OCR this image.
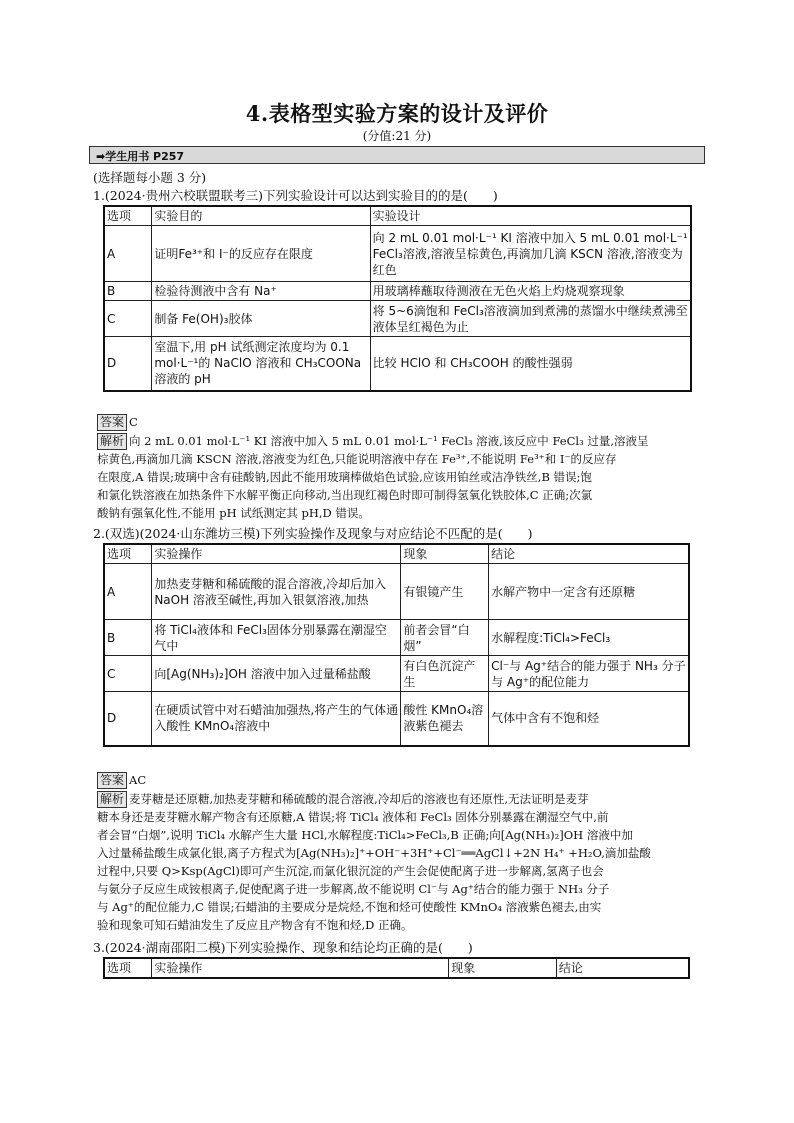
4.表格型实验方案的设计及评价
(分值:21 分)
➡学生用书 P257
(选择题每小题 3 分)
1.(2024·贵州六校联盟联考三)下列实验设计可以达到实验目的的是(　　)
选项	实验目的	实验设计
A	证明Fe³⁺和 I⁻的反应存在限度	向 2 mL 0.01 mol·L⁻¹ KI 溶液中加入 5 mL 0.01 mol·L⁻¹ FeCl₃溶液,溶液呈棕黄色,再滴加几滴 KSCN 溶液,溶液变为红色
B	检验待测液中含有 Na⁺	用玻璃棒蘸取待测液在无色火焰上灼烧观察现象
C	制备 Fe(OH)₃胶体	将 5~6滴饱和 FeCl₃溶液滴加到煮沸的蒸馏水中继续煮沸至液体呈红褐色为止
D	室温下,用 pH 试纸测定浓度均为 0.1 mol·L⁻¹的 NaClO 溶液和 CH₃COONa 溶液的 pH	比较 HClO 和 CH₃COOH 的酸性强弱
答案 C
解析 向 2 mL 0.01 mol·L⁻¹ KI 溶液中加入 5 mL 0.01 mol·L⁻¹ FeCl₃ 溶液,该反应中 FeCl₃ 过量,溶液呈
棕黄色,再滴加几滴 KSCN 溶液,溶液变为红色,只能说明溶液中存在 Fe³⁺,不能说明 Fe³⁺和 I⁻的反应存
在限度,A 错误;玻璃中含有硅酸钠,因此不能用玻璃棒做焰色试验,应该用铂丝或洁净铁丝,B 错误;饱
和氯化铁溶液在加热条件下水解平衡正向移动,当出现红褐色时即可制得氢氧化铁胶体,C 正确;次氯
酸钠有强氧化性,不能用 pH 试纸测定其 pH,D 错误。
2.(双选)(2024·山东潍坊三模)下列实验操作及现象与对应结论不匹配的是(　　)
选项	实验操作	现象	结论
A	加热麦芽糖和稀硫酸的混合溶液,冷却后加入 NaOH 溶液至碱性,再加入银氨溶液,加热	有银镜产生	水解产物中一定含有还原糖
B	将 TiCl₄液体和 FeCl₃固体分别暴露在潮湿空气中	前者会冒“白烟”	水解程度:TiCl₄>FeCl₃
C	向[Ag(NH₃)₂]OH 溶液中加入过量稀盐酸	有白色沉淀产生	Cl⁻与 Ag⁺结合的能力强于 NH₃ 分子与 Ag⁺的配位能力
D	在硬质试管中对石蜡油加强热,将产生的气体通入酸性 KMnO₄溶液中	酸性 KMnO₄溶液紫色褪去	气体中含有不饱和烃
答案 AC
解析 麦芽糖是还原糖,加热麦芽糖和稀硫酸的混合溶液,冷却后的溶液也有还原性,无法证明是麦芽
糖本身还是麦芽糖水解产物含有还原糖,A 错误;将 TiCl₄ 液体和 FeCl₃ 固体分别暴露在潮湿空气中,前
者会冒“白烟”,说明 TiCl₄ 水解产生大量 HCl,水解程度:TiCl₄>FeCl₃,B 正确;向[Ag(NH₃)₂]OH 溶液中加
入过量稀盐酸生成氯化银,离子方程式为[Ag(NH₃)₂]⁺+OH⁻+3H⁺+Cl⁻══AgCl↓+2N H₄⁺ +H₂O,滴加盐酸
过程中,只要 Q>Ksp(AgCl)即可产生沉淀,而氯化银沉淀的产生会促使配离子进一步解离,氢离子也会
与氨分子反应生成铵根离子,促使配离子进一步解离,故不能说明 Cl⁻与 Ag⁺结合的能力强于 NH₃ 分子
与 Ag⁺的配位能力,C 错误;石蜡油的主要成分是烷烃,不饱和烃可使酸性 KMnO₄ 溶液紫色褪去,由实
验和现象可知石蜡油发生了反应且产物含有不饱和烃,D 正确。
3.(2024·湖南邵阳二模)下列实验操作、现象和结论均正确的是(　　)
选项	实验操作	现象	结论
